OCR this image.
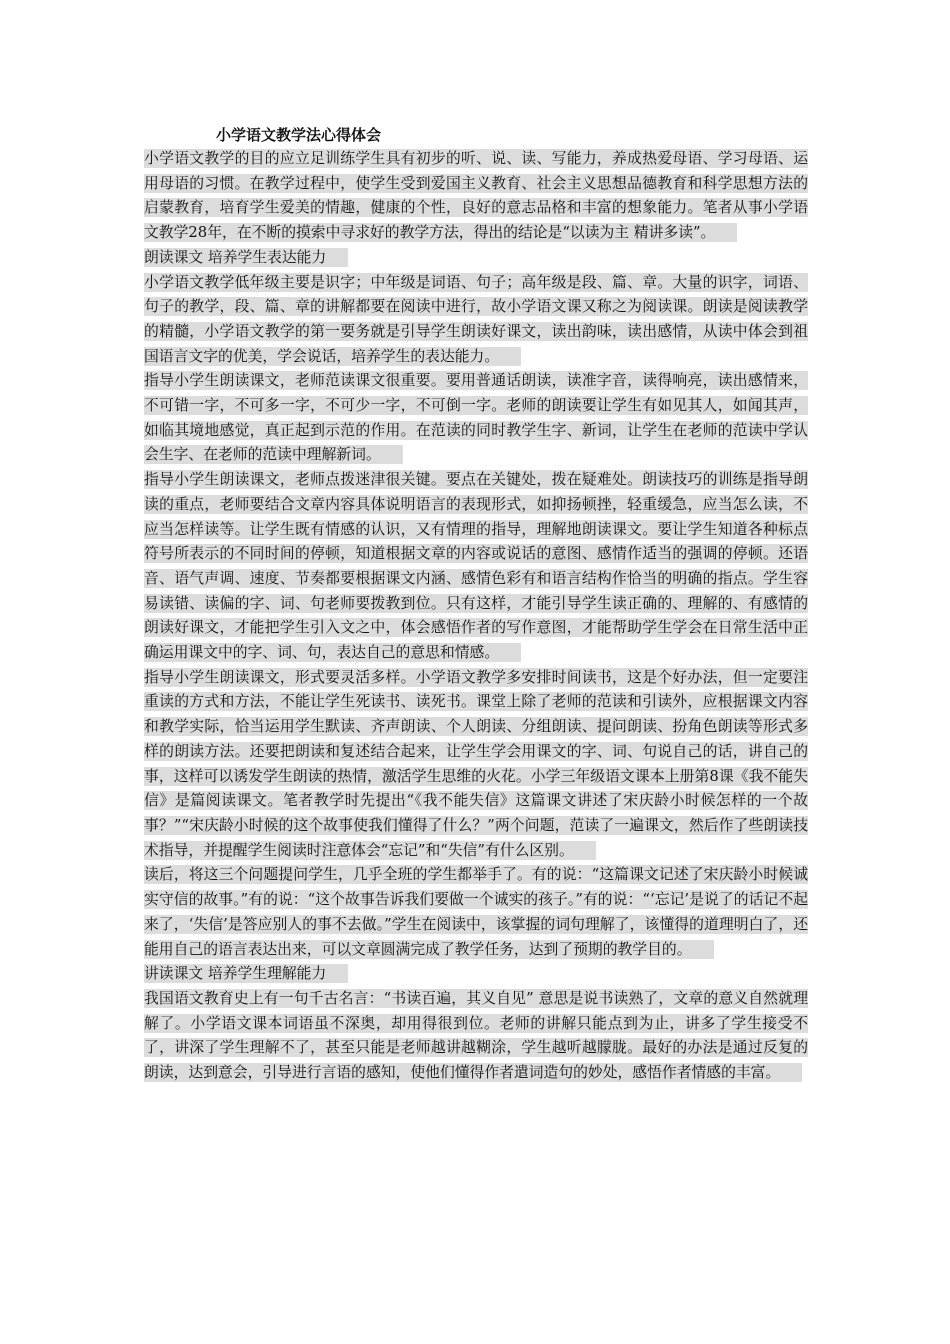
小学语文教学法心得体会

小学语文教学的目的应立足训练学生具有初步的听、说、读、写能力，养成热爱母语、学习母语、运用母语的习惯。在教学过程中，使学生受到爱国主义教育、社会主义思想品德教育和科学思想方法的启蒙教育，培育学生爱美的情趣，健康的个性，良好的意志品格和丰富的想象能力。笔者从事小学语文教学28年，在不断的摸索中寻求好的教学方法，得出的结论是“以读为主 精讲多读”。

朗读课文 培养学生表达能力

小学语文教学低年级主要是识字；中年级是词语、句子；高年级是段、篇、章。大量的识字，词语、句子的教学，段、篇、章的讲解都要在阅读中进行，故小学语文课又称之为阅读课。朗读是阅读教学的精髓，小学语文教学的第一要务就是引导学生朗读好课文，读出韵味，读出感情，从读中体会到祖国语言文字的优美，学会说话，培养学生的表达能力。

指导小学生朗读课文，老师范读课文很重要。要用普通话朗读，读准字音，读得响亮，读出感情来，不可错一字，不可多一字，不可少一字，不可倒一字。老师的朗读要让学生有如见其人，如闻其声，如临其境地感觉，真正起到示范的作用。在范读的同时教学生字、新词，让学生在老师的范读中学认会生字、在老师的范读中理解新词。

指导小学生朗读课文，老师点拨迷津很关键。要点在关键处，拨在疑难处。朗读技巧的训练是指导朗读的重点，老师要结合文章内容具体说明语言的表现形式，如抑扬顿挫，轻重缓急，应当怎么读，不应当怎样读等。让学生既有情感的认识，又有情理的指导，理解地朗读课文。要让学生知道各种标点符号所表示的不同时间的停顿，知道根据文章的内容或说话的意图、感情作适当的强调的停顿。还语音、语气声调、速度、节奏都要根据课文内涵、感情色彩有和语言结构作恰当的明确的指点。学生容易读错、读偏的字、词、句老师要拨教到位。只有这样，才能引导学生读正确的、理解的、有感情的朗读好课文，才能把学生引入文之中，体会感悟作者的写作意图，才能帮助学生学会在日常生活中正确运用课文中的字、词、句，表达自己的意思和情感。

指导小学生朗读课文，形式要灵活多样。小学语文教学多安排时间读书，这是个好办法，但一定要注重读的方式和方法，不能让学生死读书、读死书。课堂上除了老师的范读和引读外，应根据课文内容和教学实际，恰当运用学生默读、齐声朗读、个人朗读、分组朗读、提问朗读、扮角色朗读等形式多样的朗读方法。还要把朗读和复述结合起来，让学生学会用课文的字、词、句说自己的话，讲自己的事，这样可以诱发学生朗读的热情，激活学生思维的火花。小学三年级语文课本上册第8课《我不能失信》是篇阅读课文。笔者教学时先提出“《我不能失信》这篇课文讲述了宋庆龄小时候怎样的一个故事？”“宋庆龄小时候的这个故事使我们懂得了什么？”两个问题，范读了一遍课文，然后作了些朗读技术指导，并提醒学生阅读时注意体会“忘记”和“失信”有什么区别。

读后，将这三个问题提问学生，几乎全班的学生都举手了。有的说：“这篇课文记述了宋庆龄小时候诚实守信的故事。”有的说：“这个故事告诉我们要做一个诚实的孩子。”有的说：“‘忘记’是说了的话记不起来了，‘失信’是答应别人的事不去做。”学生在阅读中，该掌握的词句理解了，该懂得的道理明白了，还能用自己的语言表达出来，可以文章圆满完成了教学任务，达到了预期的教学目的。

讲读课文 培养学生理解能力

我国语文教育史上有一句千古名言：“书读百遍，其义自见” 意思是说书读熟了，文章的意义自然就理解了。小学语文课本词语虽不深奥，却用得很到位。老师的讲解只能点到为止，讲多了学生接受不了，讲深了学生理解不了，甚至只能是老师越讲越糊涂，学生越听越朦胧。最好的办法是通过反复的朗读，达到意会，引导进行言语的感知，使他们懂得作者遣词造句的妙处，感悟作者情感的丰富。
